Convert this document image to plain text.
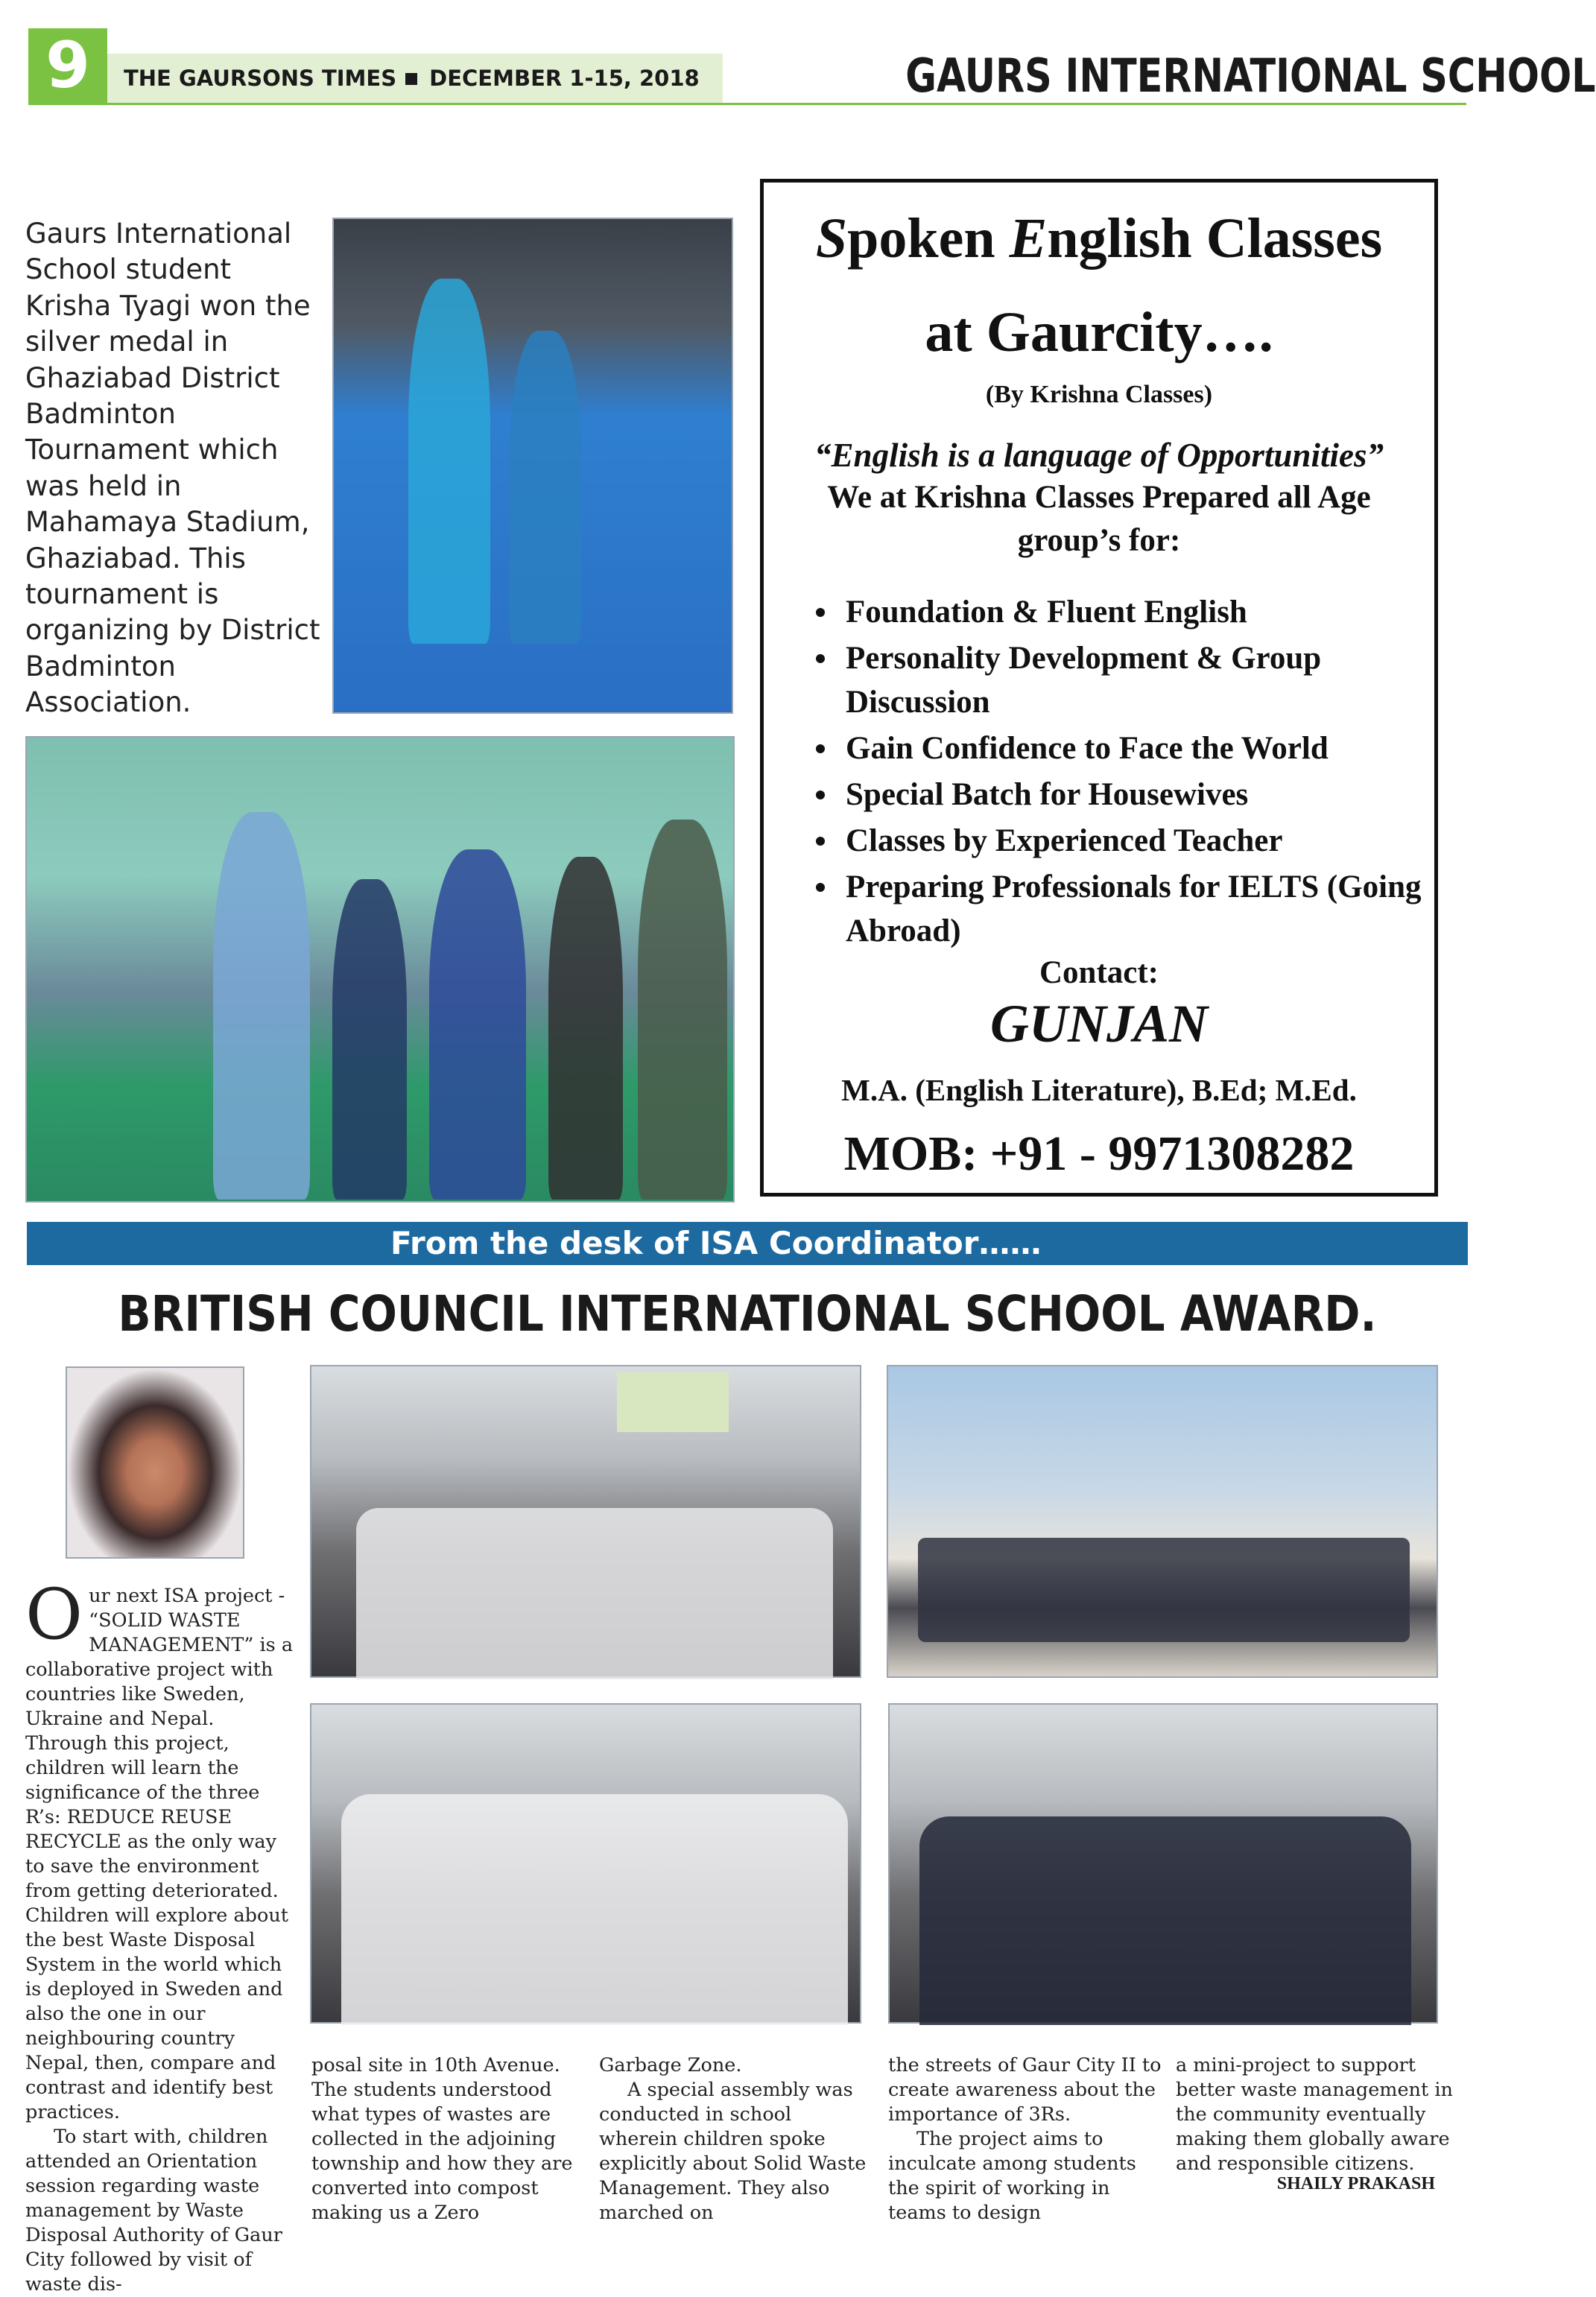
9	THE GAURSONS TIMES DECEMBER 1-15, 2018	GAURS INTERNATIONAL SCHOOL
Gaurs International School student Krisha Tyagi won the silver medal in Ghaziabad District Badminton Tournament which was held in Mahamaya Stadium, Ghaziabad. This tournament is organizing by District Badminton Association.
Spoken English Classes
at Gaurcity….
(By Krishna Classes)
“English is a language of Opportunities”
We at Krishna Classes Prepared all Age group’s for:
Foundation & Fluent English
Personality Development & Group Discussion
Gain Confidence to Face the World
Special Batch for Housewives
Classes by Experienced Teacher
Preparing Professionals for IELTS (Going Abroad)
Contact:
GUNJAN
M.A. (English Literature), B.Ed; M.Ed.
MOB: +91 - 9971308282
From the desk of ISA Coordinator……
BRITISH COUNCIL INTERNATIONAL SCHOOL AWARD.

Our next ISA project - “SOLID WASTE MANAGEMENT” is a collaborative project with countries like Sweden, Ukraine and Nepal. Through this project, children will learn the significance of the three R’s: REDUCE REUSE RECYCLE as the only way to save the environment from getting deteriorated. Children will explore about the best Waste Disposal System in the world which is deployed in Sweden and also the one in our neighbouring country Nepal, then, compare and contrast and identify best practices.

To start with, children attended an Orientation session regarding waste management by Waste Disposal Authority of Gaur City followed by visit of waste dis-

posal site in 10th Avenue. The students understood what types of wastes are collected in the adjoining township and how they are converted into compost making us a Zero

Garbage Zone.

A special assembly was conducted in school wherein children spoke explicitly about Solid Waste Management. They also marched on

the streets of Gaur City II to create awareness about the importance of 3Rs.

The project aims to inculcate among students the spirit of working in teams to design

a mini-project to support better waste management in the community eventually making them globally aware and responsible citizens.

SHAILY PRAKASH
